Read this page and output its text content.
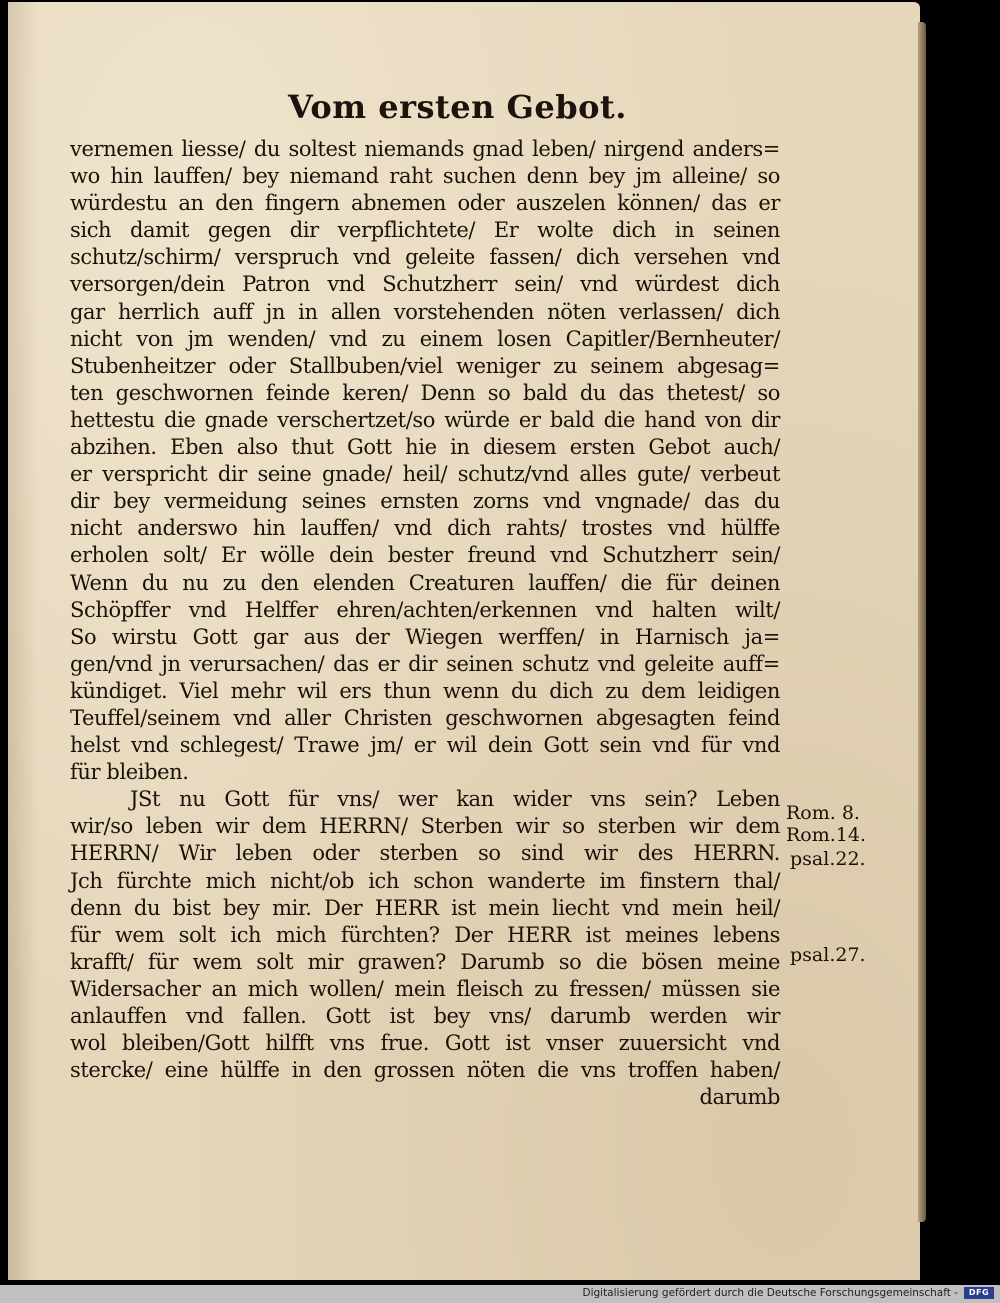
Vom ersten Gebot.
vernemen liesse/ du soltest niemands gnad leben/ nirgend anders=
wo hin lauffen/ bey niemand raht suchen denn bey jm alleine/ so
würdestu an den fingern abnemen oder auszelen können/ das er
sich damit gegen dir verpflichtete/ Er wolte dich in seinen
schutz/schirm/ verspruch vnd geleite fassen/ dich versehen vnd
versorgen/dein Patron vnd Schutzherr sein/ vnd würdest dich
gar herrlich auff jn in allen vorstehenden nöten verlassen/ dich
nicht von jm wenden/ vnd zu einem losen Capitler/Bernheuter/
Stubenheitzer oder Stallbuben/viel weniger zu seinem abgesag=
ten geschwornen feinde keren/ Denn so bald du das thetest/ so
hettestu die gnade verschertzet/so würde er bald die hand von dir
abzihen. Eben also thut Gott hie in diesem ersten Gebot auch/
er verspricht dir seine gnade/ heil/ schutz/vnd alles gute/ verbeut
dir bey vermeidung seines ernsten zorns vnd vngnade/ das du
nicht anderswo hin lauffen/ vnd dich rahts/ trostes vnd hülffe
erholen solt/ Er wölle dein bester freund vnd Schutzherr sein/
Wenn du nu zu den elenden Creaturen lauffen/ die für deinen
Schöpffer vnd Helffer ehren/achten/erkennen vnd halten wilt/
So wirstu Gott gar aus der Wiegen werffen/ in Harnisch ja=
gen/vnd jn verursachen/ das er dir seinen schutz vnd geleite auff=
kündiget. Viel mehr wil ers thun wenn du dich zu dem leidigen
Teuffel/seinem vnd aller Christen geschwornen abgesagten feind
helst vnd schlegest/ Trawe jm/ er wil dein Gott sein vnd für vnd
für bleiben.
JSt nu Gott für vns/ wer kan wider vns sein? Leben
wir/so leben wir dem HERRN/ Sterben wir so sterben wir dem
HERRN/ Wir leben oder sterben so sind wir des HERRN.
Jch fürchte mich nicht/ob ich schon wanderte im finstern thal/
denn du bist bey mir. Der HERR ist mein liecht vnd mein heil/
für wem solt ich mich fürchten? Der HERR ist meines lebens
krafft/ für wem solt mir grawen? Darumb so die bösen meine
Widersacher an mich wollen/ mein fleisch zu fressen/ müssen sie
anlauffen vnd fallen. Gott ist bey vns/ darumb werden wir
wol bleiben/Gott hilfft vns frue. Gott ist vnser zuuersicht vnd
stercke/ eine hülffe in den grossen nöten die vns troffen haben/
darumb
Rom. 8.
Rom.14.
psal.22.
psal.27.
Digitalisierung gefördert durch die Deutsche Forschungsgemeinschaft -	DFG
